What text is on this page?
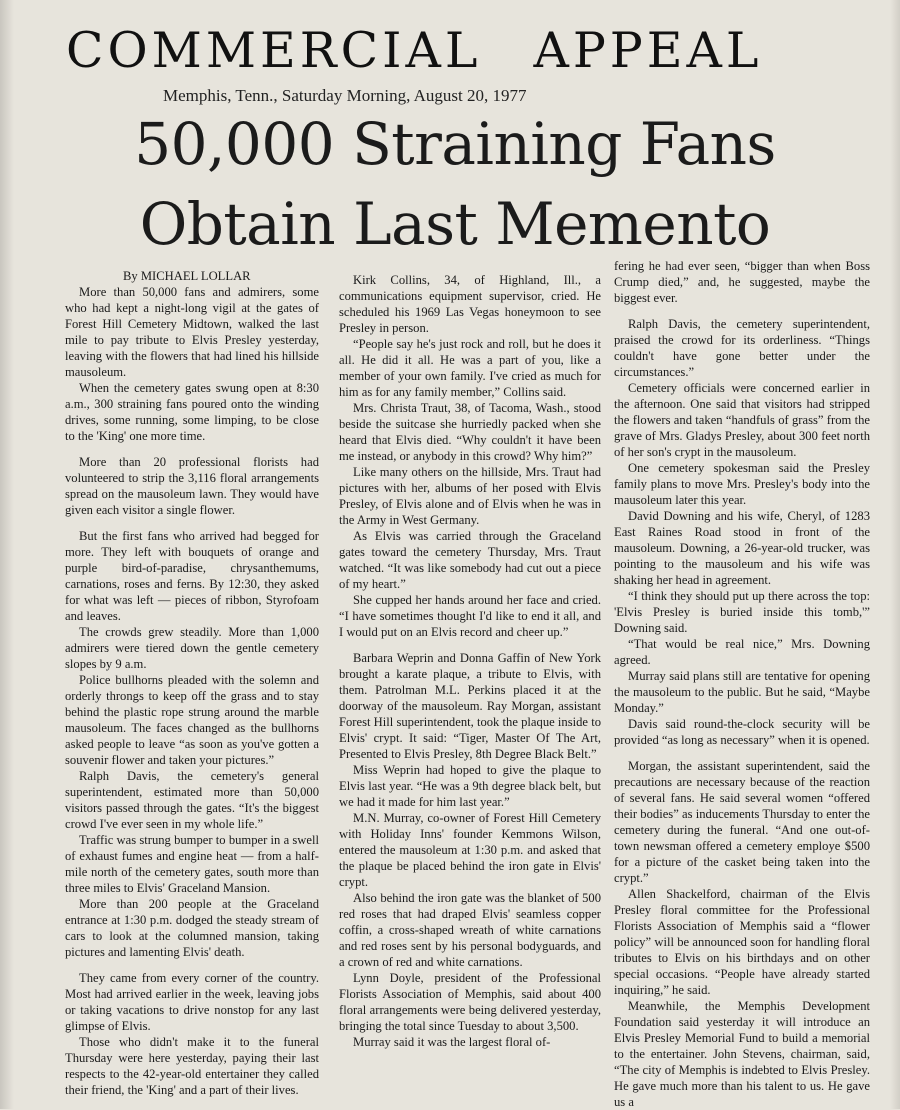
COMMERCIAL APPEAL
Memphis, Tenn., Saturday Morning, August 20, 1977
50,000 Straining Fans
Obtain Last Memento

By MICHAEL LOLLAR

More than 50,000 fans and admirers, some who had kept a night-long vigil at the gates of Forest Hill Cemetery Midtown, walked the last mile to pay tribute to Elvis Presley yesterday, leaving with the flowers that had lined his hillside mausoleum.

When the cemetery gates swung open at 8:30 a.m., 300 straining fans poured onto the winding drives, some running, some limping, to be close to the 'King' one more time.

More than 20 professional florists had volunteered to strip the 3,116 floral arrangements spread on the mausoleum lawn. They would have given each visitor a single flower.

But the first fans who arrived had begged for more. They left with bouquets of orange and purple bird-of-paradise, chrysanthemums, carnations, roses and ferns. By 12:30, they asked for what was left — pieces of ribbon, Styrofoam and leaves.

The crowds grew steadily. More than 1,000 admirers were tiered down the gentle cemetery slopes by 9 a.m.

Police bullhorns pleaded with the solemn and orderly throngs to keep off the grass and to stay behind the plastic rope strung around the marble mausoleum. The faces changed as the bullhorns asked people to leave “as soon as you've gotten a souvenir flower and taken your pictures.”

Ralph Davis, the cemetery's general superintendent, estimated more than 50,000 visitors passed through the gates. “It's the biggest crowd I've ever seen in my whole life.”

Traffic was strung bumper to bumper in a swell of exhaust fumes and engine heat — from a half-mile north of the cemetery gates, south more than three miles to Elvis' Graceland Mansion.

More than 200 people at the Graceland entrance at 1:30 p.m. dodged the steady stream of cars to look at the columned mansion, taking pictures and lamenting Elvis' death.

They came from every corner of the country. Most had arrived earlier in the week, leaving jobs or taking vacations to drive nonstop for any last glimpse of Elvis.

Those who didn't make it to the funeral Thursday were here yesterday, paying their last respects to the 42-year-old entertainer they called their friend, the 'King' and a part of their lives.

Kirk Collins, 34, of Highland, Ill., a communications equipment supervisor, cried. He scheduled his 1969 Las Vegas honeymoon to see Presley in person.

“People say he's just rock and roll, but he does it all. He did it all. He was a part of you, like a member of your own family. I've cried as much for him as for any family member,” Collins said.

Mrs. Christa Traut, 38, of Tacoma, Wash., stood beside the suitcase she hurriedly packed when she heard that Elvis died. “Why couldn't it have been me instead, or anybody in this crowd? Why him?”

Like many others on the hillside, Mrs. Traut had pictures with her, albums of her posed with Elvis Presley, of Elvis alone and of Elvis when he was in the Army in West Germany.

As Elvis was carried through the Graceland gates toward the cemetery Thursday, Mrs. Traut watched. “It was like somebody had cut out a piece of my heart.”

She cupped her hands around her face and cried. “I have sometimes thought I'd like to end it all, and I would put on an Elvis record and cheer up.”

Barbara Weprin and Donna Gaffin of New York brought a karate plaque, a tribute to Elvis, with them. Patrolman M.L. Perkins placed it at the doorway of the mausoleum. Ray Morgan, assistant Forest Hill superintendent, took the plaque inside to Elvis' crypt. It said: “Tiger, Master Of The Art, Presented to Elvis Presley, 8th Degree Black Belt.”

Miss Weprin had hoped to give the plaque to Elvis last year. “He was a 9th degree black belt, but we had it made for him last year.”

M.N. Murray, co-owner of Forest Hill Cemetery with Holiday Inns' founder Kemmons Wilson, entered the mausoleum at 1:30 p.m. and asked that the plaque be placed behind the iron gate in Elvis' crypt.

Also behind the iron gate was the blanket of 500 red roses that had draped Elvis' seamless copper coffin, a cross-shaped wreath of white carnations and red roses sent by his personal bodyguards, and a crown of red and white carnations.

Lynn Doyle, president of the Professional Florists Association of Memphis, said about 400 floral arrangements were being delivered yesterday, bringing the total since Tuesday to about 3,500.

Murray said it was the largest floral of-

fering he had ever seen, “bigger than when Boss Crump died,” and, he suggested, maybe the biggest ever.

Ralph Davis, the cemetery superintendent, praised the crowd for its orderliness. “Things couldn't have gone better under the circumstances.”

Cemetery officials were concerned earlier in the afternoon. One said that visitors had stripped the flowers and taken “handfuls of grass” from the grave of Mrs. Gladys Presley, about 300 feet north of her son's crypt in the mausoleum.

One cemetery spokesman said the Presley family plans to move Mrs. Presley's body into the mausoleum later this year.

David Downing and his wife, Cheryl, of 1283 East Raines Road stood in front of the mausoleum. Downing, a 26-year-old trucker, was pointing to the mausoleum and his wife was shaking her head in agreement.

“I think they should put up there across the top: 'Elvis Presley is buried inside this tomb,'” Downing said.

“That would be real nice,” Mrs. Downing agreed.

Murray said plans still are tentative for opening the mausoleum to the public. But he said, “Maybe Monday.”

Davis said round-the-clock security will be provided “as long as necessary” when it is opened.

Morgan, the assistant superintendent, said the precautions are necessary because of the reaction of several fans. He said several women “offered their bodies” as inducements Thursday to enter the cemetery during the funeral. “And one out-of-town newsman offered a cemetery employe $500 for a picture of the casket being taken into the crypt.”

Allen Shackelford, chairman of the Elvis Presley floral committee for the Professional Florists Association of Memphis said a “flower policy” will be announced soon for handling floral tributes to Elvis on his birthdays and on other special occasions. “People have already started inquiring,” he said.

Meanwhile, the Memphis Development Foundation said yesterday it will introduce an Elvis Presley Memorial Fund to build a memorial to the entertainer. John Stevens, chairman, said, “The city of Memphis is indebted to Elvis Presley. He gave much more than his talent to us. He gave us a
